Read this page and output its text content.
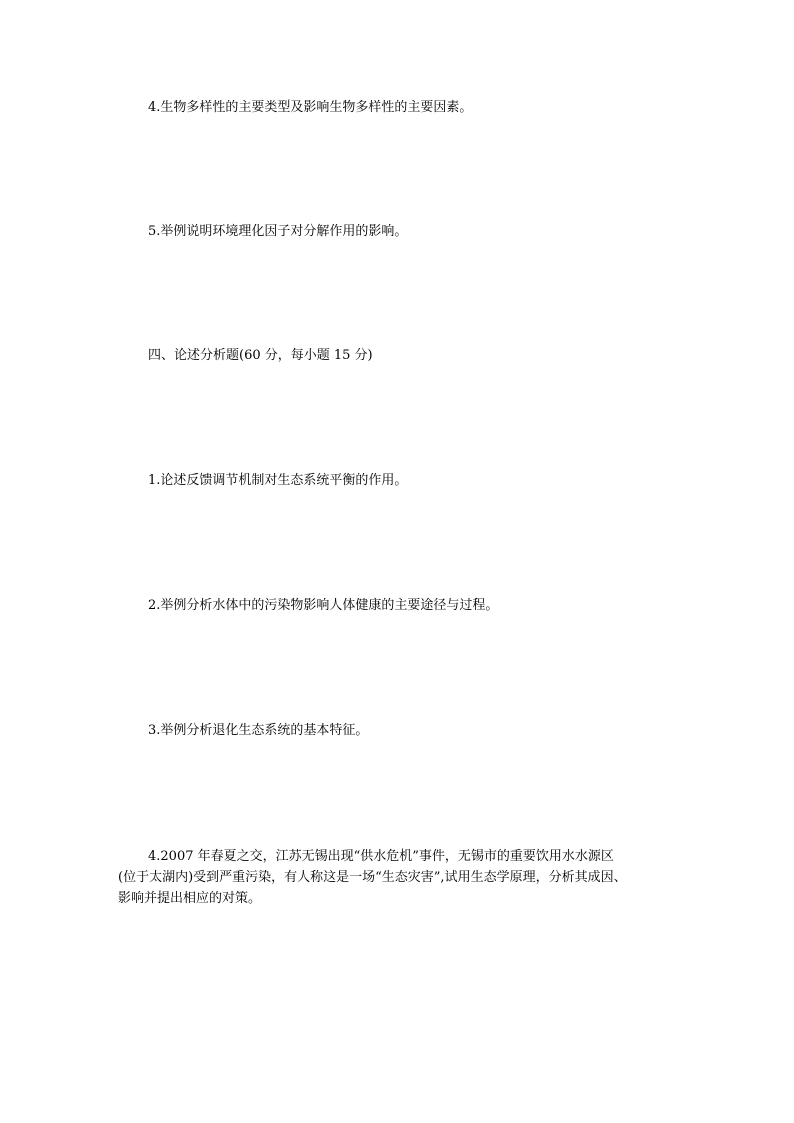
4.生物多样性的主要类型及影响生物多样性的主要因素。
5.举例说明环境理化因子对分解作用的影响。
四、论述分析题(60 分，每小题 15 分)
1.论述反馈调节机制对生态系统平衡的作用。
2.举例分析水体中的污染物影响人体健康的主要途径与过程。
3.举例分析退化生态系统的基本特征。
4.2007 年春夏之交，江苏无锡出现“供水危机”事件，无锡市的重要饮用水水源区
(位于太湖内)受到严重污染，有人称这是一场“生态灾害”,试用生态学原理，分析其成因、
影响并提出相应的对策。
